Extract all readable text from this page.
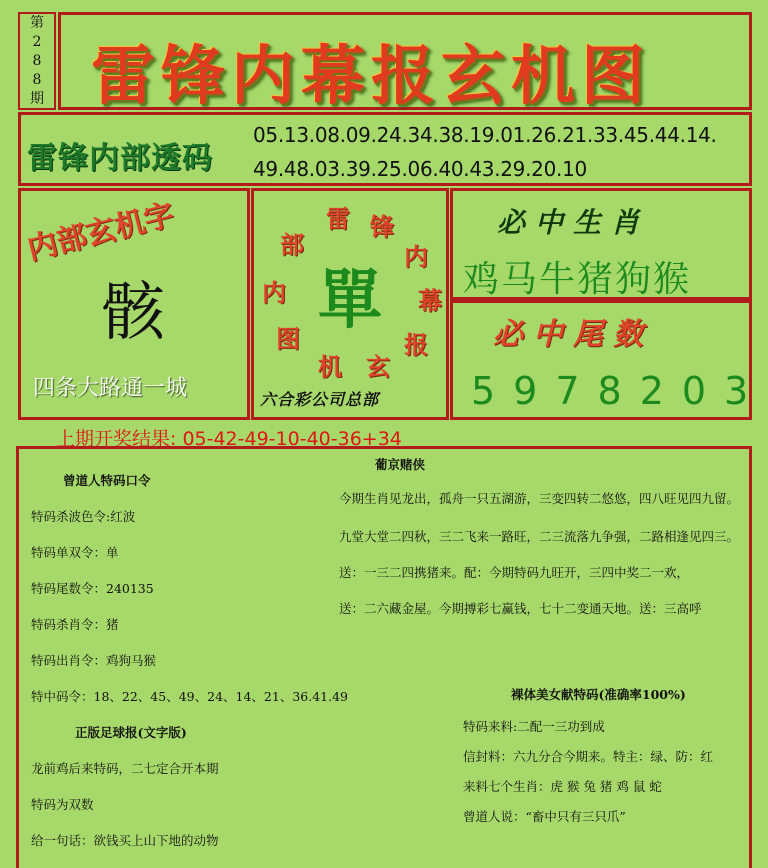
第
2
8
8
期 雷锋内幕报玄机图
雷锋内部透码
05.13.08.09.24.34.38.19.01.26.21.33.45.44.14.
49.48.03.39.25.06.40.43.29.20.10
内部玄机字
骸
四条大路通一城
雷 锋
内
幕
报
玄
机
图
内
部
單
六合彩公司总部
必中生肖
鸡马牛猪狗猴
必中尾数
5978203
上期开奖结果: 05-42-49-10-40-36+34
曾道人特码口令
特码杀波色令:红波
特码单双令：单
特码尾数令：240135
特码杀肖令：猪
特码出肖令：鸡狗马猴
特中码令：18、22、45、49、24、14、21、36.41.49
正版足球报(文字版)
龙前鸡后来特码，二七定合开本期
特码为双数
给一句话：欲钱买上山下地的动物
葡京赌侠
今期生肖见龙出，孤舟一只五湖游，三变四转二悠悠，四八旺见四九留。
九堂大堂二四秋，三二飞来一路旺，二三流落九争强，二路相逢见四三。
送：一三二四携猪来。配：今期特码九旺开，三四中奖二一欢，
送：二六藏金屋。今期搏彩七赢钱，七十二变通天地。送：三高呼
裸体美女献特码(准确率100%)
特码来料:二配一三功到成
信封料：六九分合今期来。特主：绿、防：红
来料七个生肖：虎 猴 兔 猪 鸡 鼠 蛇
曾道人说：“畜中只有三只爪”
